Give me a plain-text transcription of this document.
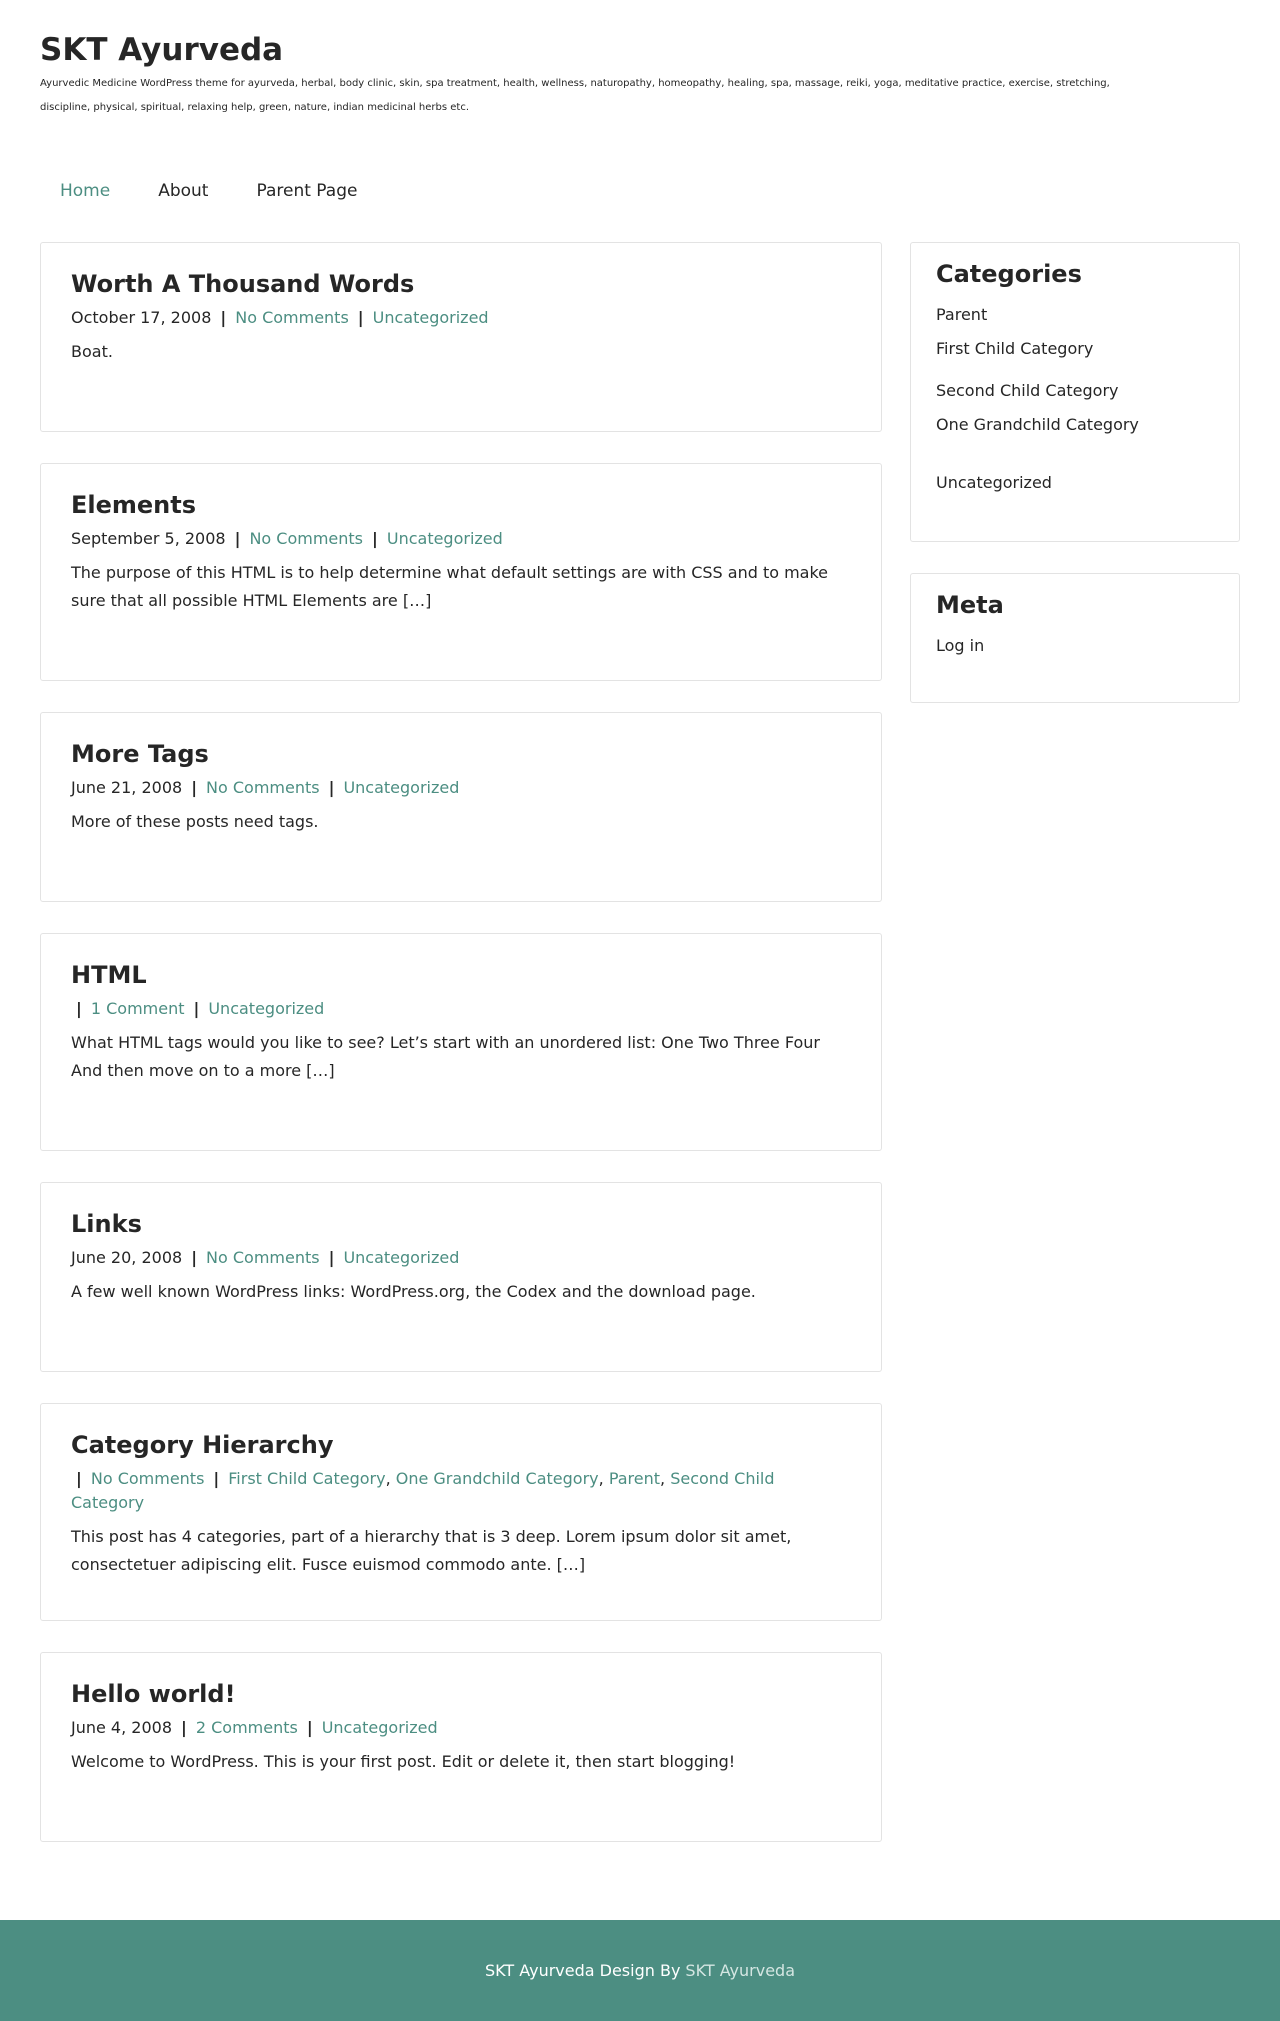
SKT Ayurveda

Ayurvedic Medicine WordPress theme for ayurveda, herbal, body clinic, skin, spa treatment, health, wellness, naturopathy, homeopathy, healing, spa, massage, reiki, yoga, meditative practice, exercise, stretching, discipline, physical, spiritual, relaxing help, green, nature, indian medicinal herbs etc.

Home	About	Parent Page
Worth A Thousand Words
October 17, 2008 | No Comments | Uncategorized

Boat.

Elements
September 5, 2008 | No Comments | Uncategorized

The purpose of this HTML is to help determine what default settings are with CSS and to make sure that all possible HTML Elements are […]

More Tags
June 21, 2008 | No Comments | Uncategorized

More of these posts need tags.

HTML
| 1 Comment | Uncategorized

What HTML tags would you like to see? Let’s start with an unordered list: One Two Three Four And then move on to a more […]

Links
June 20, 2008 | No Comments | Uncategorized

A few well known WordPress links: WordPress.org, the Codex and the download page.

Category Hierarchy
| No Comments | First Child Category, One Grandchild Category, Parent, Second Child Category

This post has 4 categories, part of a hierarchy that is 3 deep. Lorem ipsum dolor sit amet, consectetuer adipiscing elit. Fusce euismod commodo ante. […]

Hello world!
June 4, 2008 | 2 Comments | Uncategorized

Welcome to WordPress. This is your first post. Edit or delete it, then start blogging!

Categories
Parent
First Child Category
Second Child Category
One Grandchild Category
Uncategorized
Meta
Log in
SKT Ayurveda Design By SKT Ayurveda
